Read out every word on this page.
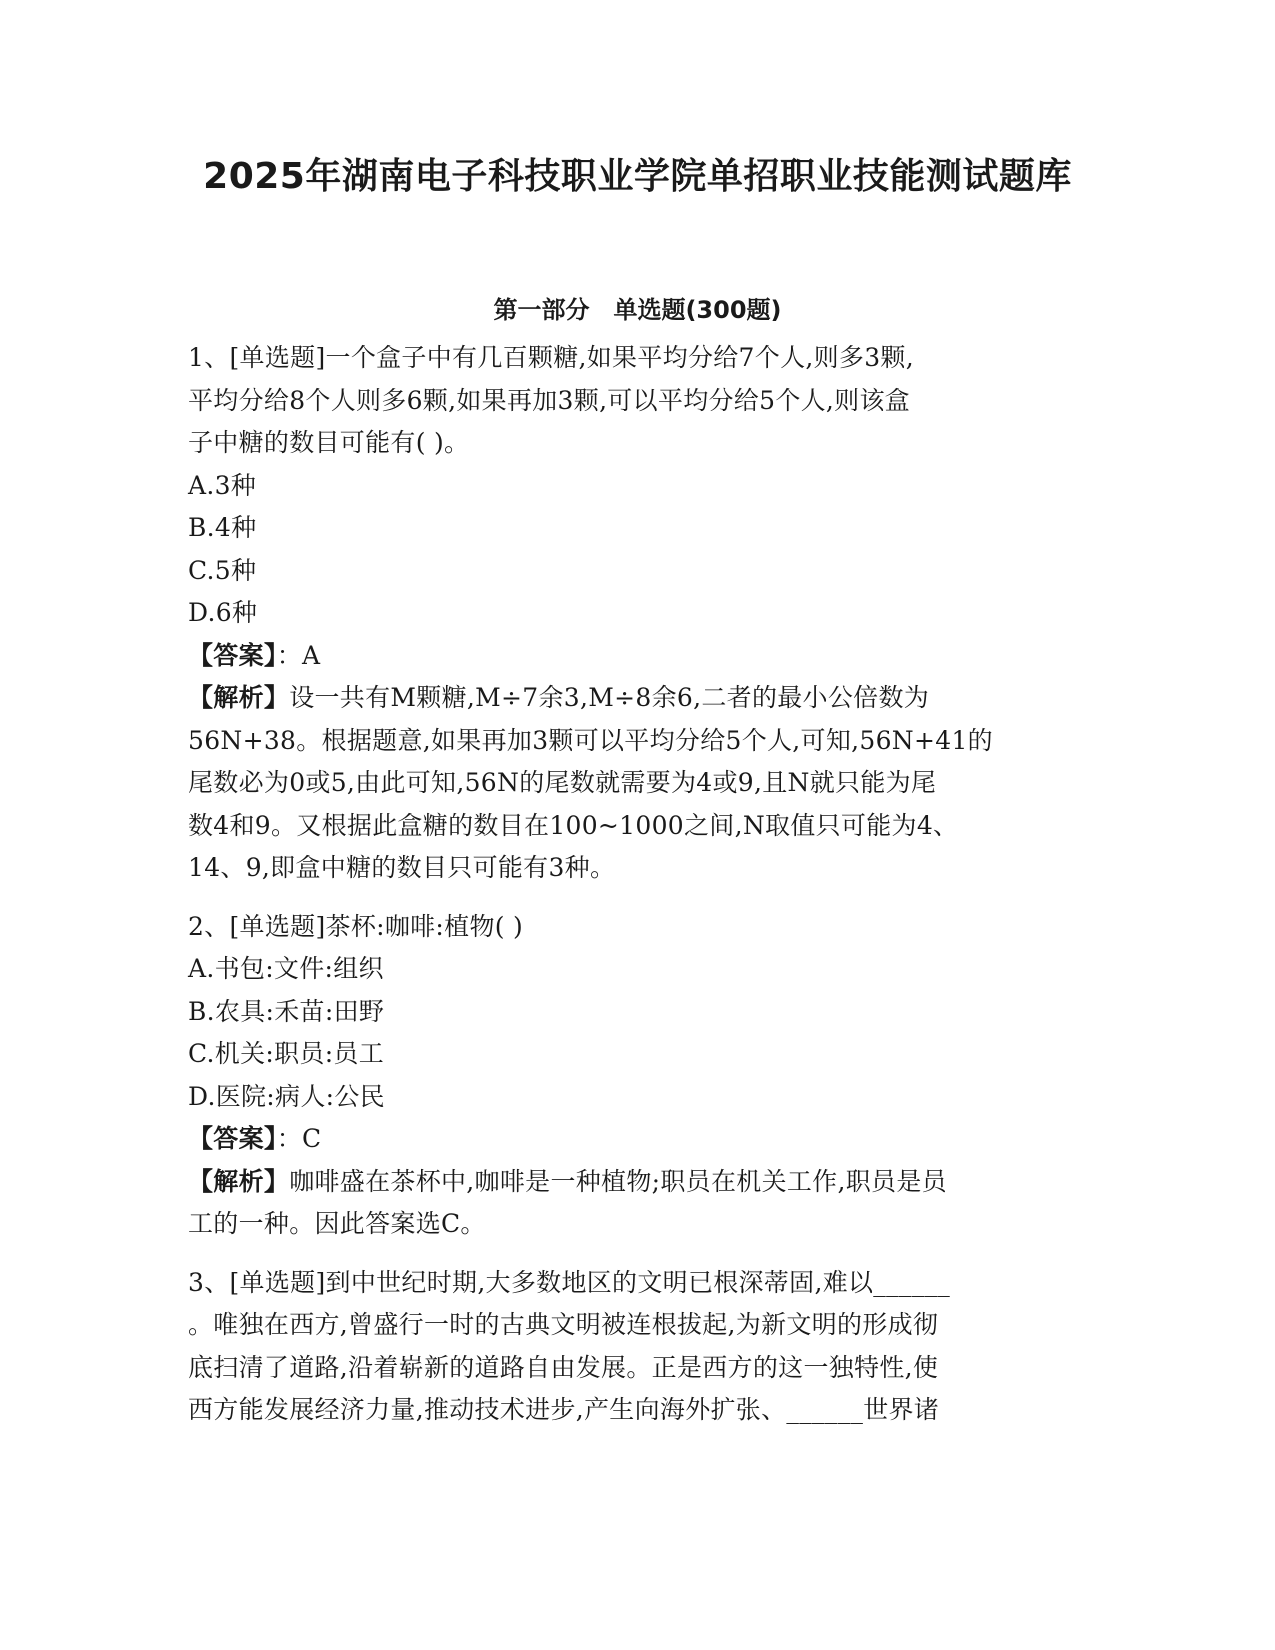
2025年湖南电子科技职业学院单招职业技能测试题库
第一部分　单选题(300题)
1、[单选题]一个盒子中有几百颗糖,如果平均分给7个人,则多3颗,
平均分给8个人则多6颗,如果再加3颗,可以平均分给5个人,则该盒
子中糖的数目可能有( )。
A.3种
B.4种
C.5种
D.6种
【答案】：A
【解析】设一共有M颗糖,M÷7余3,M÷8余6,二者的最小公倍数为
56N+38。根据题意,如果再加3颗可以平均分给5个人,可知,56N+41的
尾数必为0或5,由此可知,56N的尾数就需要为4或9,且N就只能为尾
数4和9。又根据此盒糖的数目在100~1000之间,N取值只可能为4、
14、9,即盒中糖的数目只可能有3种。
2、[单选题]茶杯:咖啡:植物( )
A.书包:文件:组织
B.农具:禾苗:田野
C.机关:职员:员工
D.医院:病人:公民
【答案】：C
【解析】咖啡盛在茶杯中,咖啡是一种植物;职员在机关工作,职员是员
工的一种。因此答案选C。
3、[单选题]到中世纪时期,大多数地区的文明已根深蒂固,难以______
。唯独在西方,曾盛行一时的古典文明被连根拔起,为新文明的形成彻
底扫清了道路,沿着崭新的道路自由发展。正是西方的这一独特性,使
西方能发展经济力量,推动技术进步,产生向海外扩张、______世界诸
